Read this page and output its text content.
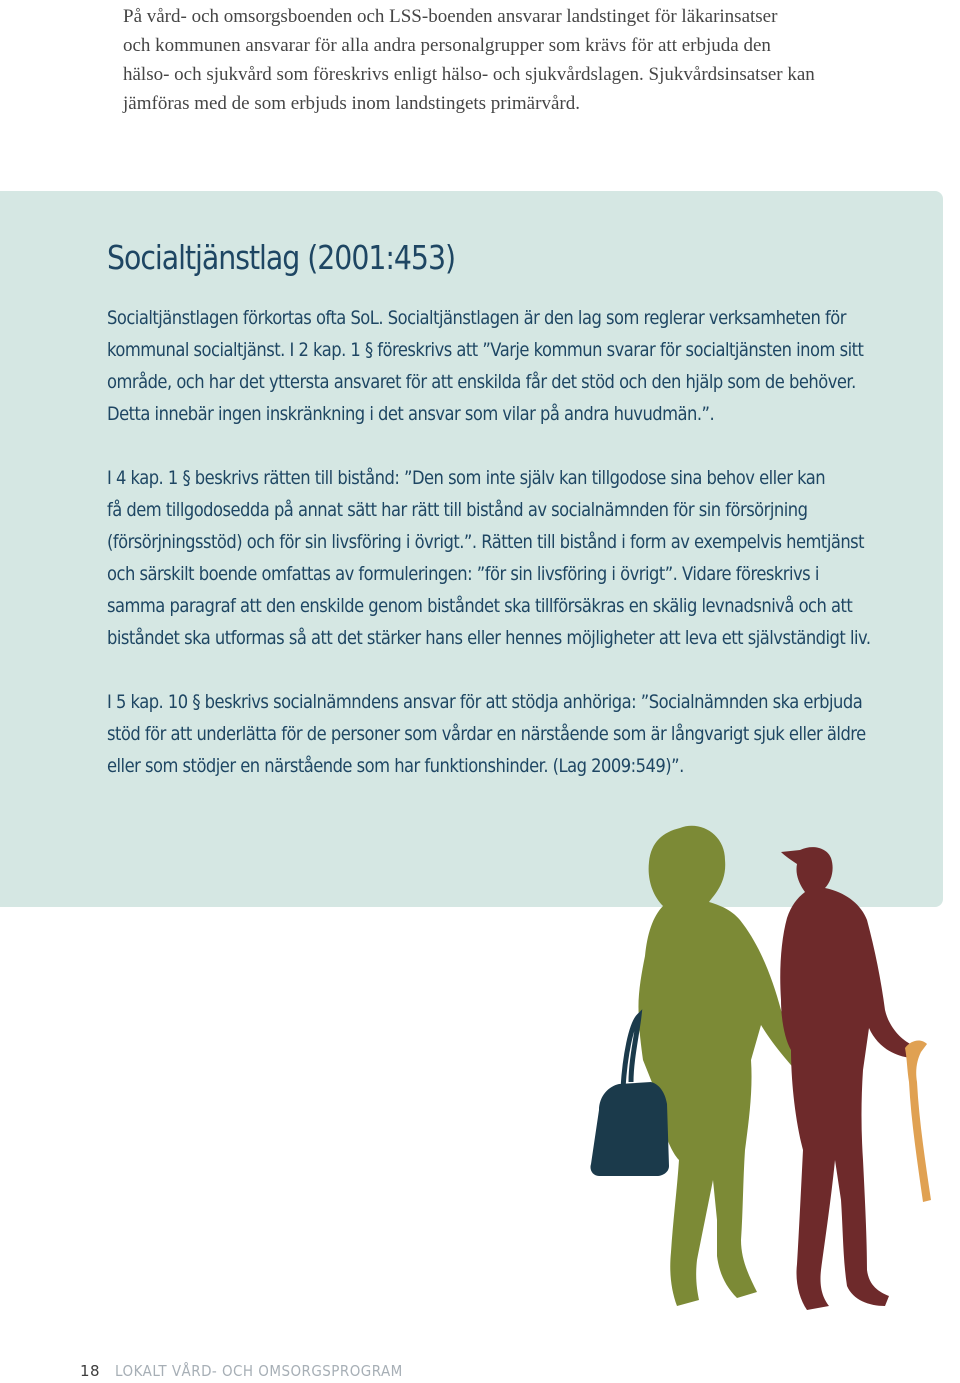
På vård- och omsorgsboenden och LSS-boenden ansvarar landstinget för läkarinsatser
och kommunen ansvarar för alla andra personalgrupper som krävs för att erbjuda den
hälso- och sjukvård som föreskrivs enligt hälso- och sjukvårdslagen. Sjukvårdsinsatser kan
jämföras med de som erbjuds inom landstingets primärvård.

Socialtjänstlag (2001:453)

Socialtjänstlagen förkortas ofta SoL. Socialtjänstlagen är den lag som reglerar verksamheten för
kommunal socialtjänst. I 2 kap. 1 § föreskrivs att ”Varje kommun svarar för socialtjänsten inom sitt
område, och har det yttersta ansvaret för att enskilda får det stöd och den hjälp som de behöver.
Detta innebär ingen inskränkning i det ansvar som vilar på andra huvudmän.”.

I 4 kap. 1 § beskrivs rätten till bistånd: ”Den som inte själv kan tillgodose sina behov eller kan
få dem tillgodosedda på annat sätt har rätt till bistånd av socialnämnden för sin försörjning
(försörjningsstöd) och för sin livsföring i övrigt.”. Rätten till bistånd i form av exempelvis hemtjänst
och särskilt boende omfattas av formuleringen: ”för sin livsföring i övrigt”. Vidare föreskrivs i
samma paragraf att den enskilde genom biståndet ska tillförsäkras en skälig levnadsnivå och att
biståndet ska utformas så att det stärker hans eller hennes möjligheter att leva ett självständigt liv.

I 5 kap. 10 § beskrivs socialnämndens ansvar för att stödja anhöriga: ”Socialnämnden ska erbjuda
stöd för att underlätta för de personer som vårdar en närstående som är långvarigt sjuk eller äldre
eller som stödjer en närstående som har funktionshinder. (Lag 2009:549)”.

18 LOKALT VÅRD- OCH OMSORGSPROGRAM
